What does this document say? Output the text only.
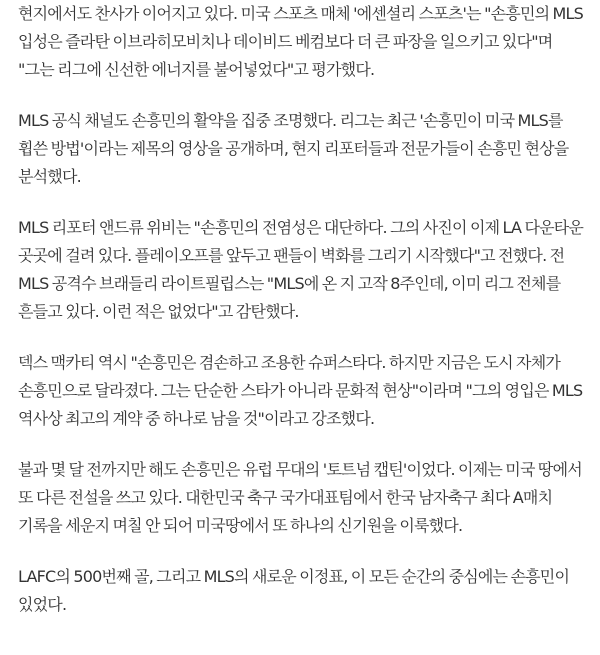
현지에서도 찬사가 이어지고 있다. 미국 스포츠 매체 '에센셜리 스포츠'는 "손흥민의 MLS 입성은 즐라탄 이브라히모비치나 데이비드 베컴보다 더 큰 파장을 일으키고 있다"며 "그는 리그에 신선한 에너지를 불어넣었다"고 평가했다.

MLS 공식 채널도 손흥민의 활약을 집중 조명했다. 리그는 최근 '손흥민이 미국 MLS를 휩쓴 방법'이라는 제목의 영상을 공개하며, 현지 리포터들과 전문가들이 손흥민 현상을 분석했다.

MLS 리포터 앤드류 위비는 "손흥민의 전염성은 대단하다. 그의 사진이 이제 LA 다운타운 곳곳에 걸려 있다. 플레이오프를 앞두고 팬들이 벽화를 그리기 시작했다"고 전했다. 전 MLS 공격수 브래들리 라이트필립스는 "MLS에 온 지 고작 8주인데, 이미 리그 전체를 흔들고 있다. 이런 적은 없었다"고 감탄했다.

덱스 맥카티 역시 "손흥민은 겸손하고 조용한 슈퍼스타다. 하지만 지금은 도시 자체가 손흥민으로 달라졌다. 그는 단순한 스타가 아니라 문화적 현상"이라며 "그의 영입은 MLS 역사상 최고의 계약 중 하나로 남을 것"이라고 강조했다.

불과 몇 달 전까지만 해도 손흥민은 유럽 무대의 '토트넘 캡틴'이었다. 이제는 미국 땅에서 또 다른 전설을 쓰고 있다. 대한민국 축구 국가대표팀에서 한국 남자축구 최다 A매치 기록을 세운지 며칠 안 되어 미국땅에서 또 하나의 신기원을 이룩했다.

LAFC의 500번째 골, 그리고 MLS의 새로운 이정표, 이 모든 순간의 중심에는 손흥민이 있었다.
